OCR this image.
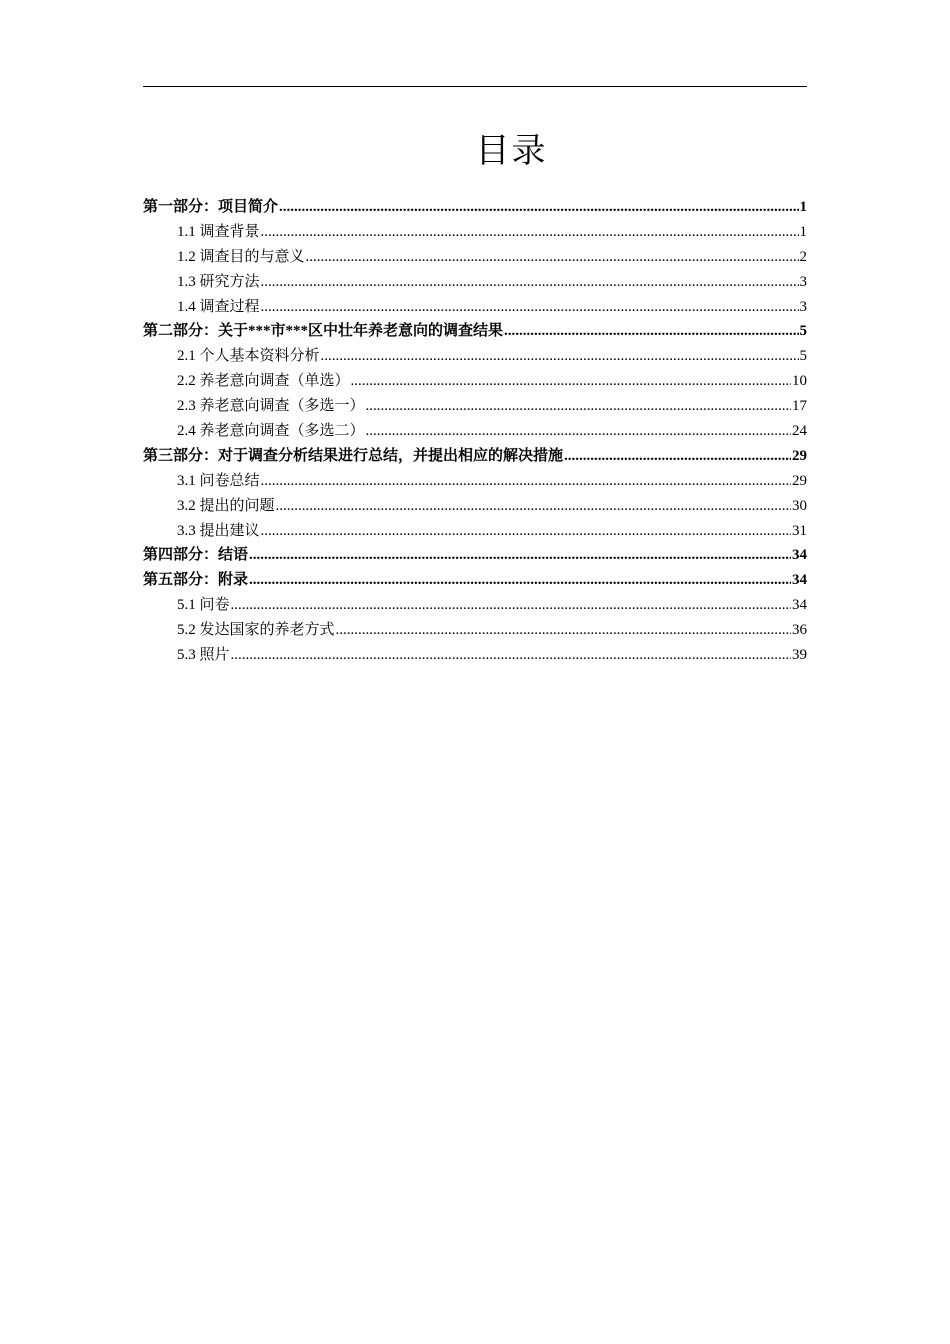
目录
第一部分：项目简介 .....	1
1.1 调查背景 .....	1
1.2 调查目的与意义 .....	2
1.3 研究方法 .....	3
1.4 调查过程 .....	3
第二部分：关于***市***区中壮年养老意向的调查结果 .....	5
2.1 个人基本资料分析 .....	5
2.2 养老意向调查（单选） .....	10
2.3 养老意向调查（多选一） .....	17
2.4 养老意向调查（多选二） .....	24
第三部分：对于调查分析结果进行总结，并提出相应的解决措施 .....	29
3.1 问卷总结 .....	29
3.2 提出的问题 .....	30
3.3 提出建议 .....	31
第四部分：结语 .....	34
第五部分：附录 .....	34
5.1 问卷 .....	34
5.2 发达国家的养老方式 .....	36
5.3 照片 .....	39
